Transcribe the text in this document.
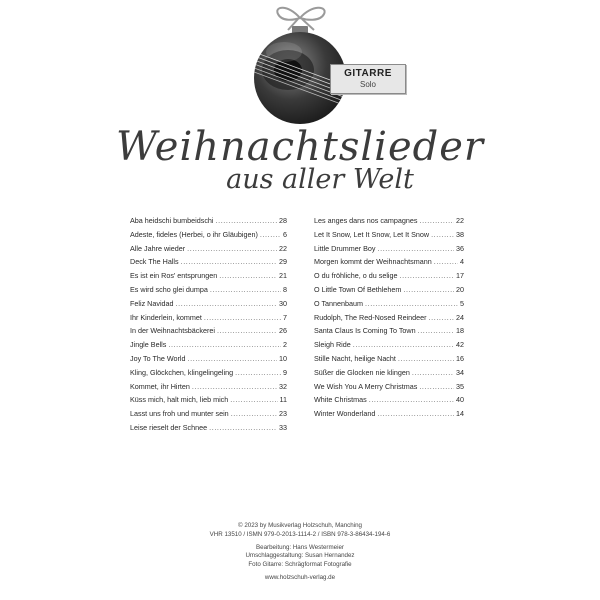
GITARRE
Solo
Weihnachtslieder
aus aller Welt
Aba heidschi bumbeidschi .....	28
Adeste, fideles (Herbei, o ihr Gläubigen) .....	6
Alle Jahre wieder .....	22
Deck The Halls .....	29
Es ist ein Ros' entsprungen .....	21
Es wird scho glei dumpa .....	8
Feliz Navidad .....	30
Ihr Kinderlein, kommet .....	7
In der Weihnachtsbäckerei .....	26
Jingle Bells .....	2
Joy To The World .....	10
Kling, Glöckchen, klingelingeling .....	9
Kommet, ihr Hirten .....	32
Küss mich, halt mich, lieb mich .....	11
Lasst uns froh und munter sein .....	23
Leise rieselt der Schnee .....	33
Les anges dans nos campagnes .....	22
Let It Snow, Let It Snow, Let It Snow .....	38
Little Drummer Boy .....	36
Morgen kommt der Weihnachtsmann .....	4
O du fröhliche, o du selige .....	17
O Little Town Of Bethlehem .....	20
O Tannenbaum .....	5
Rudolph, The Red-Nosed Reindeer .....	24
Santa Claus Is Coming To Town .....	18
Sleigh Ride .....	42
Stille Nacht, heilige Nacht .....	16
Süßer die Glocken nie klingen .....	34
We Wish You A Merry Christmas .....	35
White Christmas .....	40
Winter Wonderland .....	14
© 2023 by Musikverlag Holzschuh, Manching
VHR 13510 / ISMN 979-0-2013-1114-2 / ISBN 978-3-86434-194-6
Bearbeitung: Hans Westermeier
Umschlaggestaltung: Susan Hernandez
Foto Gitarre: Schrägformat Fotografie
www.holzschuh-verlag.de
